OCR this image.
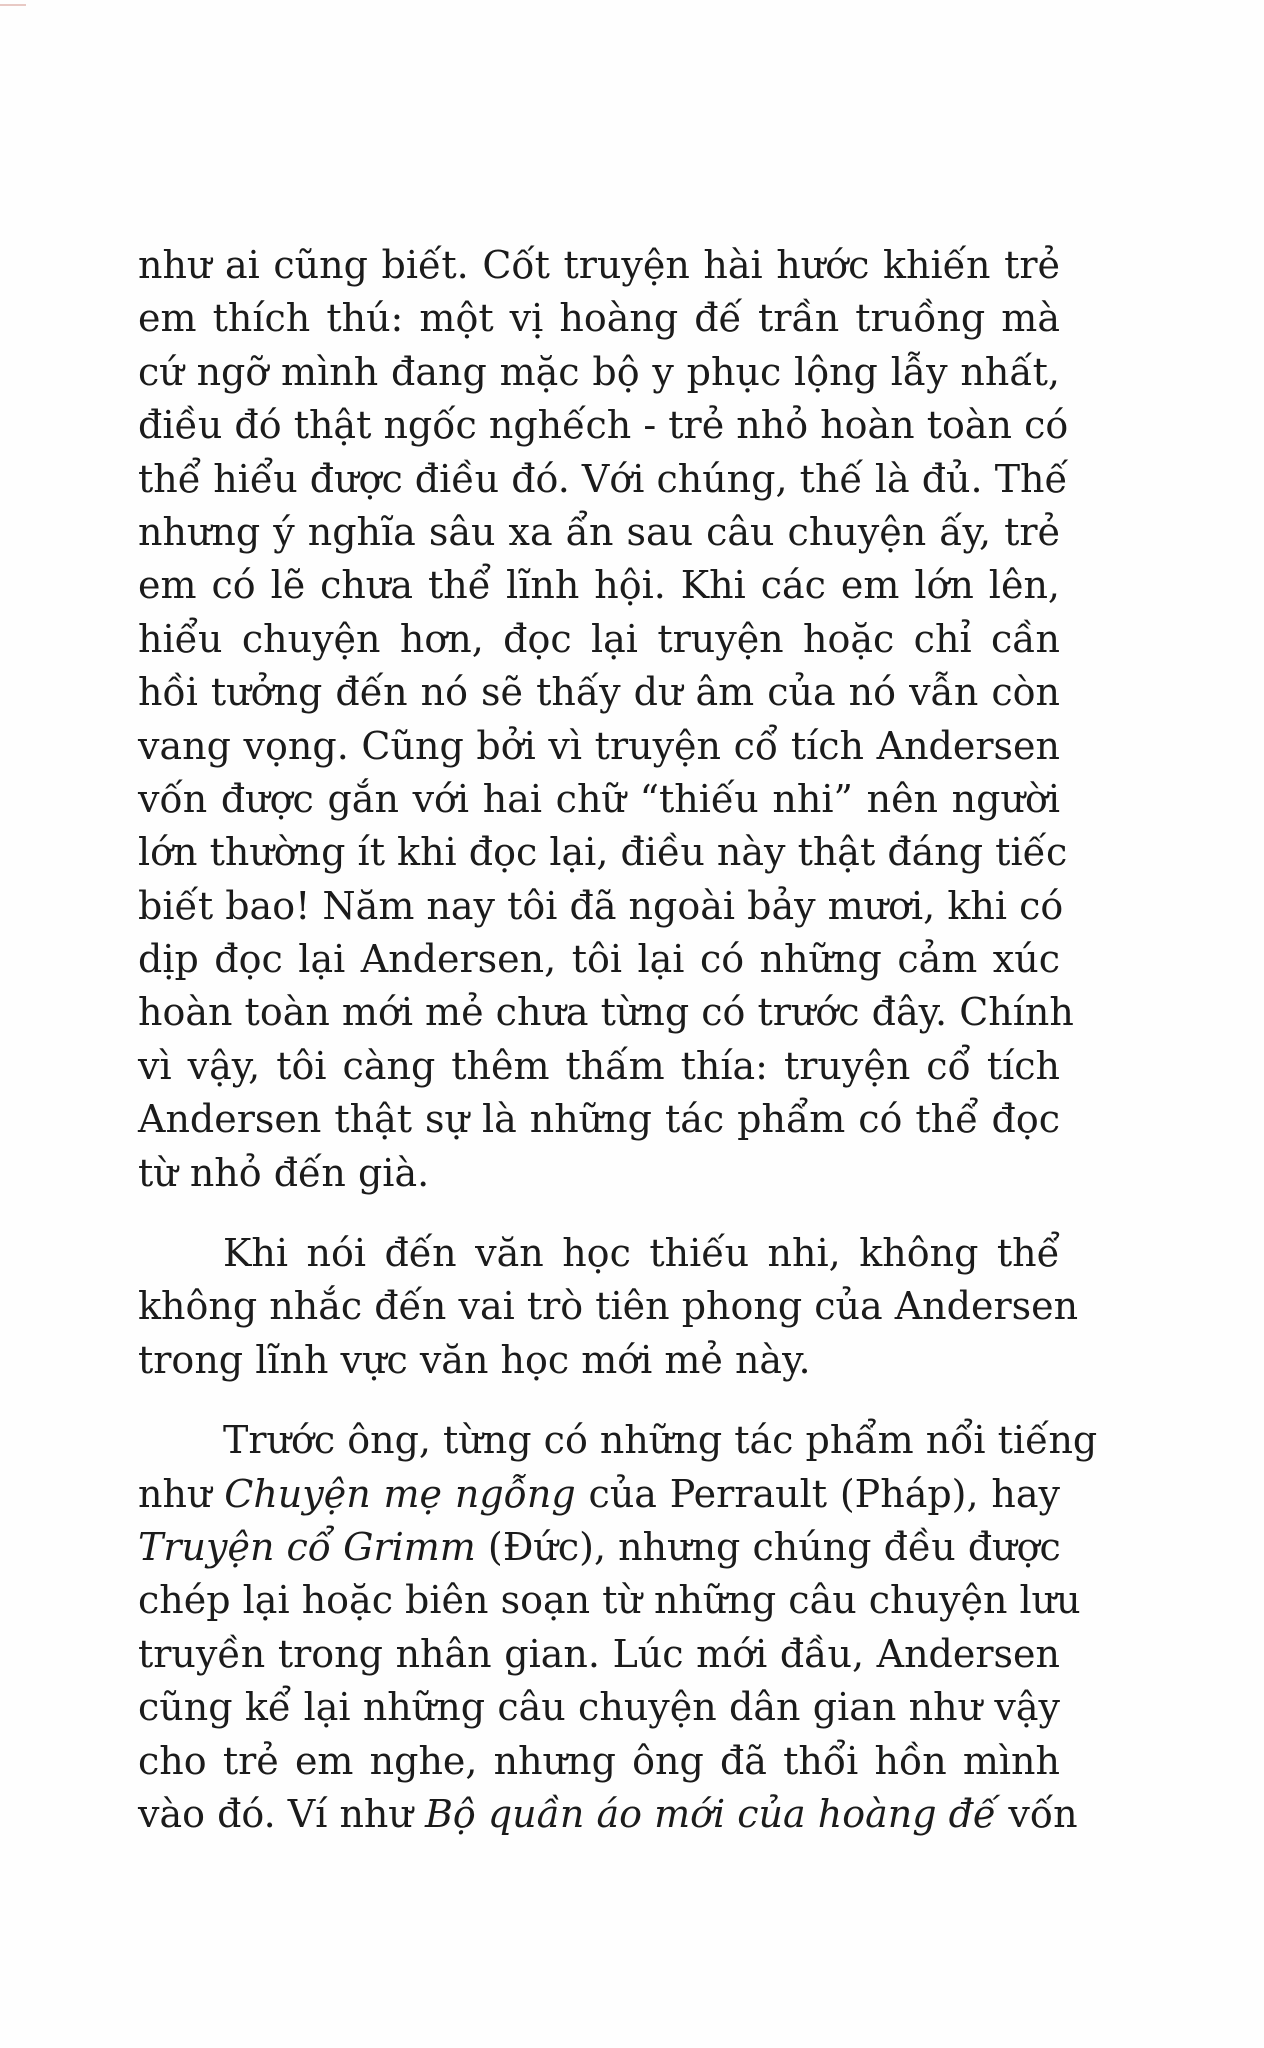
như ai cũng biết. Cốt truyện hài hước khiến trẻ
em thích thú: một vị hoàng đế trần truồng mà
cứ ngỡ mình đang mặc bộ y phục lộng lẫy nhất,
điều đó thật ngốc nghếch - trẻ nhỏ hoàn toàn có
thể hiểu được điều đó. Với chúng, thế là đủ. Thế
nhưng ý nghĩa sâu xa ẩn sau câu chuyện ấy, trẻ
em có lẽ chưa thể lĩnh hội. Khi các em lớn lên,
hiểu chuyện hơn, đọc lại truyện hoặc chỉ cần
hồi tưởng đến nó sẽ thấy dư âm của nó vẫn còn
vang vọng. Cũng bởi vì truyện cổ tích Andersen
vốn được gắn với hai chữ “thiếu nhi” nên người
lớn thường ít khi đọc lại, điều này thật đáng tiếc
biết bao! Năm nay tôi đã ngoài bảy mươi, khi có
dịp đọc lại Andersen, tôi lại có những cảm xúc
hoàn toàn mới mẻ chưa từng có trước đây. Chính
vì vậy, tôi càng thêm thấm thía: truyện cổ tích
Andersen thật sự là những tác phẩm có thể đọc
từ nhỏ đến già.
Khi nói đến văn học thiếu nhi, không thể
không nhắc đến vai trò tiên phong của Andersen
trong lĩnh vực văn học mới mẻ này.
Trước ông, từng có những tác phẩm nổi tiếng
như Chuyện mẹ ngỗng của Perrault (Pháp), hay
Truyện cổ Grimm (Đức), nhưng chúng đều được
chép lại hoặc biên soạn từ những câu chuyện lưu
truyền trong nhân gian. Lúc mới đầu, Andersen
cũng kể lại những câu chuyện dân gian như vậy
cho trẻ em nghe, nhưng ông đã thổi hồn mình
vào đó. Ví như Bộ quần áo mới của hoàng đế vốn
